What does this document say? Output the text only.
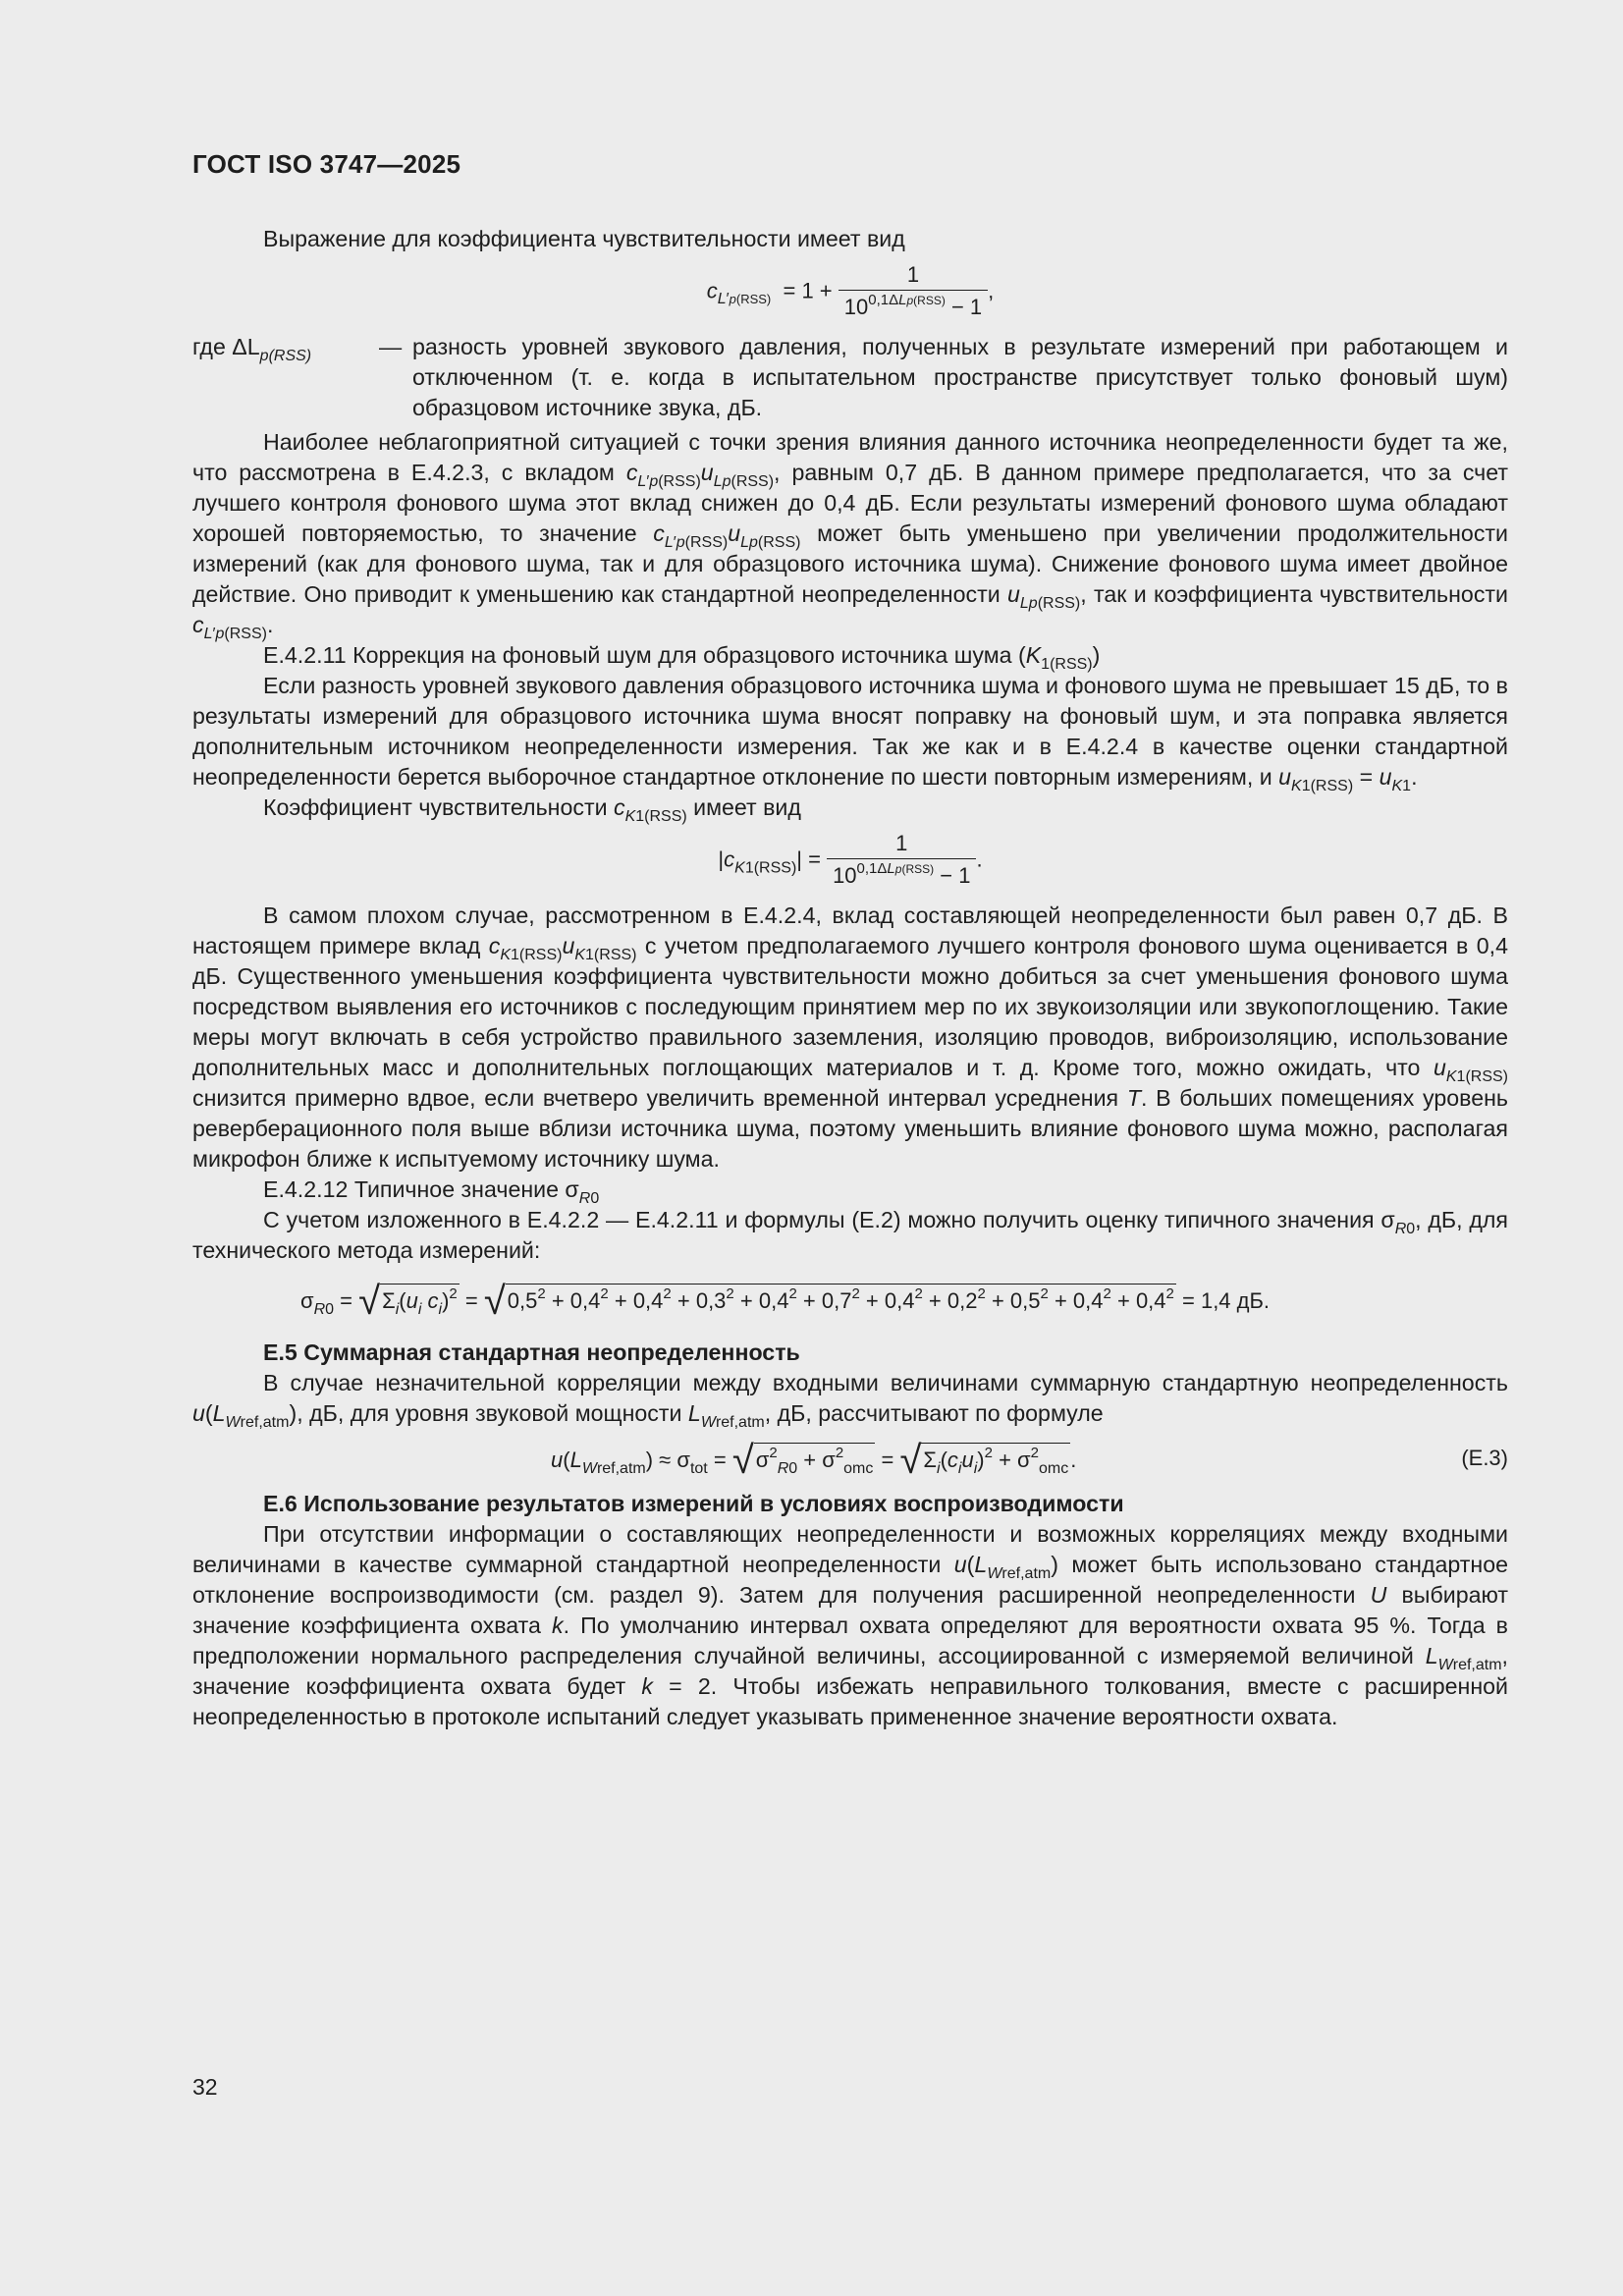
ГОСТ ISO 3747—2025

Выражение для коэффициента чувствительности имеет вид

$c_{L'p(RSS)} = 1 + \frac{1}{10^{0,1\Delta Lp(RSS)} - 1}$ ,
где $\Delta L_{p(RSS)}$	— разность уровней звукового давления, полученных в результате измерений при работающем и отключенном (т. е. когда в испытательном пространстве присутствует только фоновый шум) образцовом источнике звука, дБ.

Наиболее неблагоприятной ситуацией с точки зрения влияния данного источника неопределенности будет та же, что рассмотрена в Е.4.2.3, с вкладом $c_{L'p(RSS)}u_{Lp(RSS)}$, равным 0,7 дБ. В данном примере предполагается, что за счет лучшего контроля фонового шума этот вклад снижен до 0,4 дБ. Если результаты измерений фонового шума обладают хорошей повторяемостью, то значение $c_{L'p(RSS)}u_{Lp(RSS)}$ может быть уменьшено при увеличении продолжительности измерений (как для фонового шума, так и для образцового источника шума). Снижение фонового шума имеет двойное действие. Оно приводит к уменьшению как стандартной неопределенности $u_{Lp(RSS)}$, так и коэффициента чувствительности $c_{L'p(RSS)}$.

Е.4.2.11 Коррекция на фоновый шум для образцового источника шума $(K_{1(RSS)})$

Если разность уровней звукового давления образцового источника шума и фонового шума не превышает 15 дБ, то в результаты измерений для образцового источника шума вносят поправку на фоновый шум, и эта поправка является дополнительным источником неопределенности измерения. Так же как и в Е.4.2.4 в качестве оценки стандартной неопределенности берется выборочное стандартное отклонение по шести повторным измерениям, и $u_{K1(RSS)} = u_{K1}$.

Коэффициент чувствительности $c_{K1(RSS)}$ имеет вид

$|c_{K1(RSS)}| = \frac{1}{10^{0,1\Delta Lp(RSS)} - 1}$ .

В самом плохом случае, рассмотренном в Е.4.2.4, вклад составляющей неопределенности был равен 0,7 дБ. В настоящем примере вклад $c_{K1(RSS)}u_{K1(RSS)}$ с учетом предполагаемого лучшего контроля фонового шума оценивается в 0,4 дБ. Существенного уменьшения коэффициента чувствительности можно добиться за счет уменьшения фонового шума посредством выявления его источников с последующим принятием мер по их звукоизоляции или звукопоглощению. Такие меры могут включать в себя устройство правильного заземления, изоляцию проводов, виброизоляцию, использование дополнительных масс и дополнительных поглощающих материалов и т. д. Кроме того, можно ожидать, что $u_{K1(RSS)}$ снизится примерно вдвое, если вчетверо увеличить временной интервал усреднения T. В больших помещениях уровень реверберационного поля выше вблизи источника шума, поэтому уменьшить влияние фонового шума можно, располагая микрофон ближе к испытуемому источнику шума.

Е.4.2.12 Типичное значение $\sigma_{R0}$

С учетом изложенного в Е.4.2.2 — Е.4.2.11 и формулы (Е.2) можно получить оценку типичного значения $\sigma_{R0}$, дБ, для технического метода измерений:

$\sigma_{R0} = √\Sigma_i(u_i$ $c_i)^2 = √0,5^2 + 0,4^2 + 0,4^2 + 0,3^2 + 0,4^2 + 0,7^2 + 0,4^2 + 0,2^2 + 0,5^2 + 0,4^2 + 0,4^2 = 1,4$ дБ.

Е.5 Суммарная стандартная неопределенность

В случае незначительной корреляции между входными величинами суммарную стандартную неопределенность $u(L_{Wref,atm})$, дБ, для уровня звуковой мощности $L_{Wref,atm}$, дБ, рассчитывают по формуле

$u(L_{Wref,atm}) \approx \sigma_{tot} = √\sigma^2_{R0} + \sigma^2_{omc} = √\Sigma_i(c_iu_i)^2 + \sigma^2_{omc}$.	(Е.3)

Е.6 Использование результатов измерений в условиях воспроизводимости

При отсутствии информации о составляющих неопределенности и возможных корреляциях между входными величинами в качестве суммарной стандартной неопределенности $u(L_{Wref,atm})$ может быть использовано стандартное отклонение воспроизводимости (см. раздел 9). Затем для получения расширенной неопределенности U выбирают значение коэффициента охвата k. По умолчанию интервал охвата определяют для вероятности охвата 95 %. Тогда в предположении нормального распределения случайной величины, ассоциированной с измеряемой величиной $L_{Wref,atm}$, значение коэффициента охвата будет k = 2. Чтобы избежать неправильного толкования, вместе с расширенной неопределенностью в протоколе испытаний следует указывать примененное значение вероятности охвата.

32
